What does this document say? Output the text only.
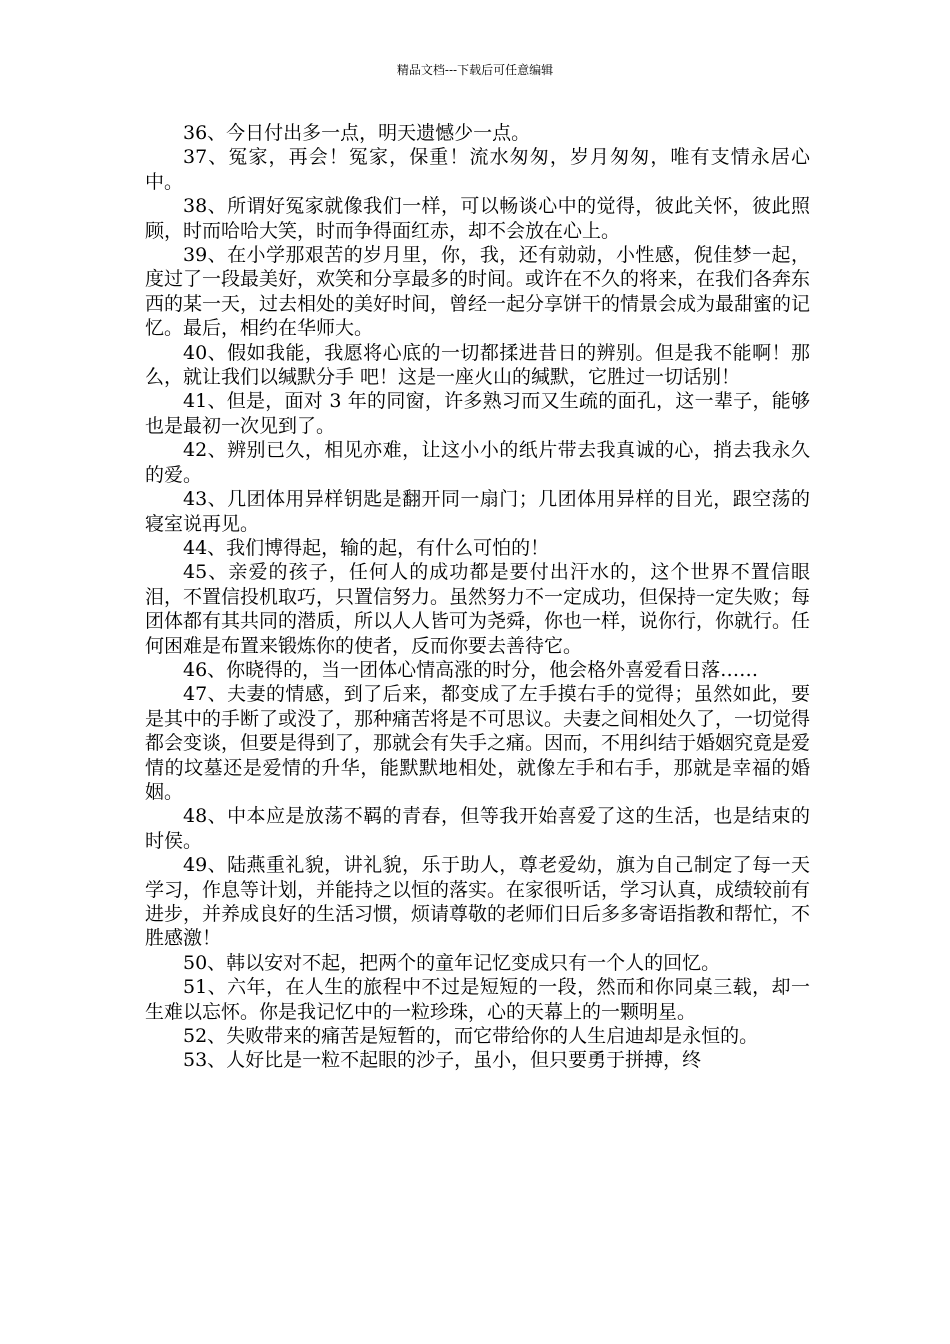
精品文档---下载后可任意编辑

36、今日付出多一点，明天遗憾少一点。

37、冤家，再会！冤家，保重！流水匆匆，岁月匆匆，唯有支情永居心中。

38、所谓好冤家就像我们一样，可以畅谈心中的觉得，彼此关怀，彼此照顾，时而哈哈大笑，时而争得面红赤，却不会放在心上。

39、在小学那艰苦的岁月里，你，我，还有勍勍，小性感，倪佳梦一起，度过了一段最美好，欢笑和分享最多的时间。或许在不久的将来，在我们各奔东西的某一天，过去相处的美好时间，曾经一起分享饼干的情景会成为最甜蜜的记忆。最后，相约在华师大。

40、假如我能，我愿将心底的一切都揉进昔日的辨别。但是我不能啊！那么，就让我们以缄默分手 吧！这是一座火山的缄默，它胜过一切话别！

41、但是，面对 3 年的同窗，许多熟习而又生疏的面孔，这一辈子，能够也是最初一次见到了。

42、辨别已久，相见亦难，让这小小的纸片带去我真诚的心，捎去我永久的爱。

43、几团体用异样钥匙是翻开同一扇门；几团体用异样的目光，跟空荡的寝室说再见。

44、我们博得起，输的起，有什么可怕的！

45、亲爱的孩子，任何人的成功都是要付出汗水的，这个世界不置信眼泪，不置信投机取巧，只置信努力。虽然努力不一定成功，但保持一定失败；每团体都有其共同的潜质，所以人人皆可为尧舜，你也一样，说你行，你就行。任何困难是布置来锻炼你的使者，反而你要去善待它。

46、你晓得的，当一团体心情高涨的时分，他会格外喜爱看日落……

47、夫妻的情感，到了后来，都变成了左手摸右手的觉得；虽然如此，要是其中的手断了或没了，那种痛苦将是不可思议。夫妻之间相处久了，一切觉得都会变谈，但要是得到了，那就会有失手之痛。因而，不用纠结于婚姻究竟是爱情的坟墓还是爱情的升华，能默默地相处，就像左手和右手，那就是幸福的婚姻。

48、中本应是放荡不羁的青春，但等我开始喜爱了这的生活，也是结束的时侯。

49、陆燕重礼貌，讲礼貌，乐于助人，尊老爱幼，旗为自己制定了每一天学习，作息等计划，并能持之以恒的落实。在家很听话，学习认真，成绩较前有进步，并养成良好的生活习惯，烦请尊敬的老师们日后多多寄语指教和帮忙，不胜感激！

50、韩以安对不起，把两个的童年记忆变成只有一个人的回忆。

51、六年，在人生的旅程中不过是短短的一段，然而和你同桌三载，却一生难以忘怀。你是我记忆中的一粒珍珠，心的天幕上的一颗明星。

52、失败带来的痛苦是短暂的，而它带给你的人生启迪却是永恒的。

53、人好比是一粒不起眼的沙子，虽小，但只要勇于拼搏，终
